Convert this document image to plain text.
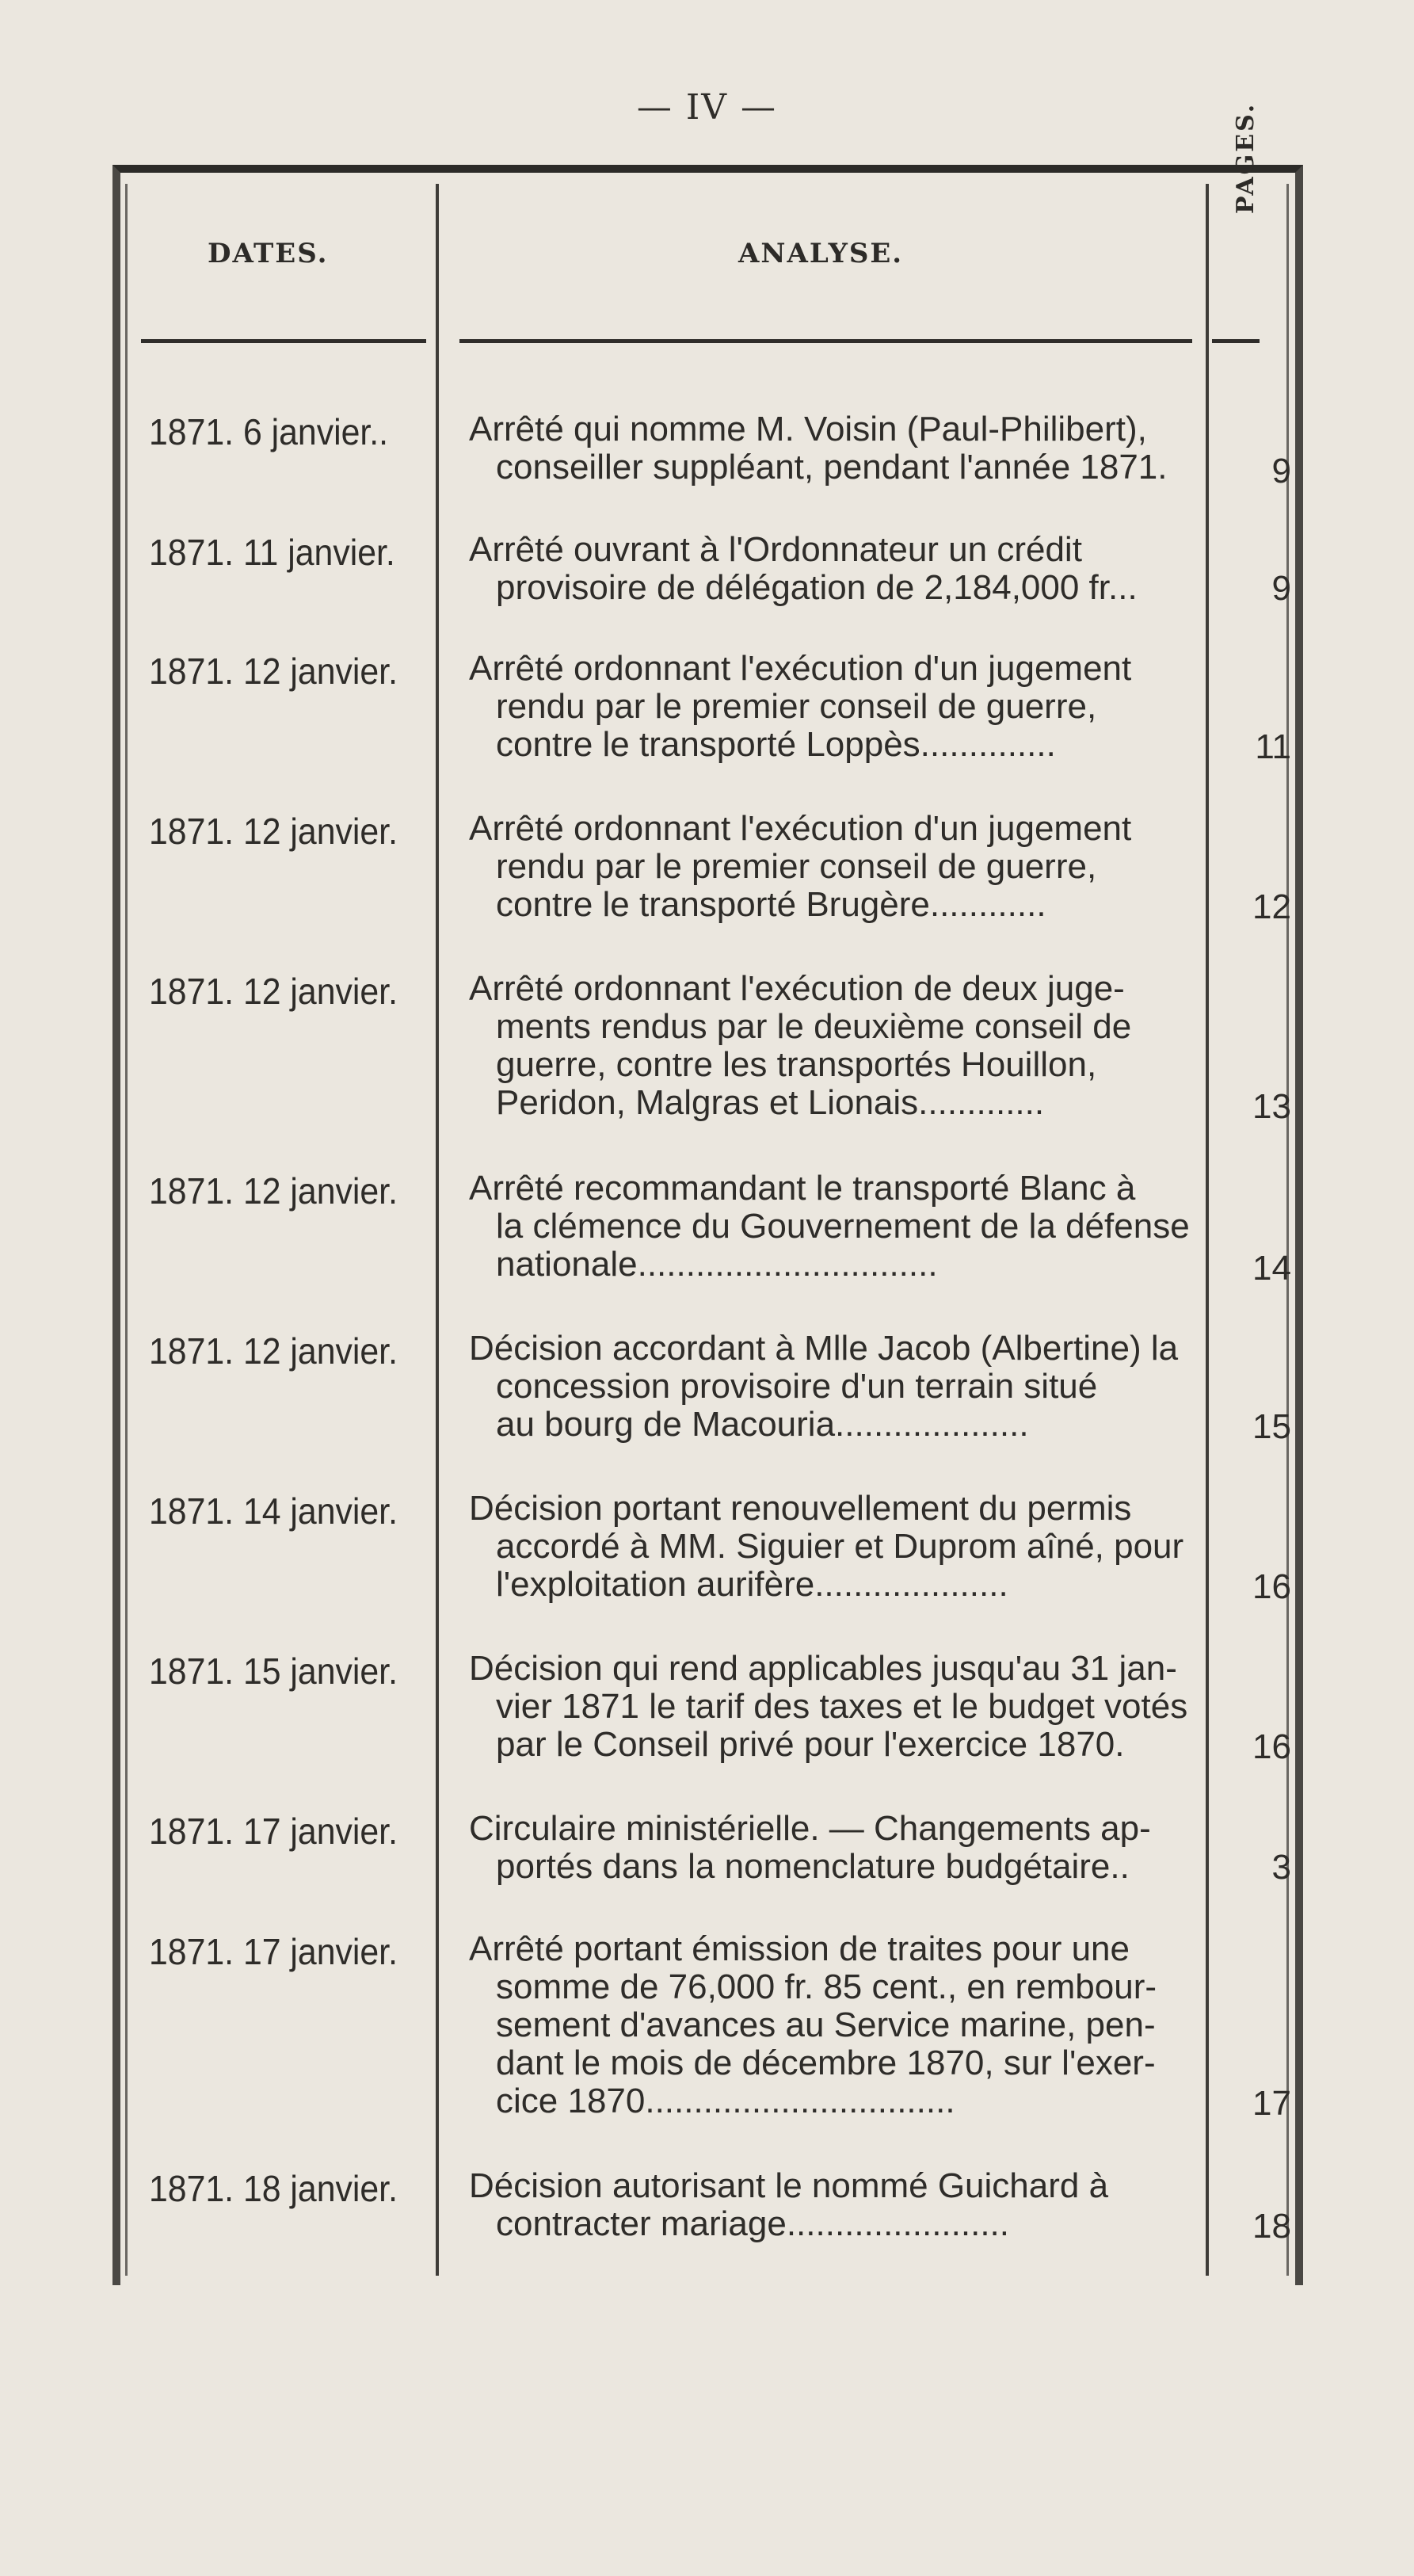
— IV —
DATES.	ANALYSE.
PAGES.
1871. 6 janvier..	Arrêté qui nomme M. Voisin (Paul-Philibert),
conseiller suppléant, pendant l'année 1871.	9
1871. 11 janvier.	Arrêté ouvrant à l'Ordonnateur un crédit
provisoire de délégation de 2,184,000 fr...	9
1871. 12 janvier.	Arrêté ordonnant l'exécution d'un jugement
rendu par le premier conseil de guerre,
contre le transporté Loppès..............	11
1871. 12 janvier.	Arrêté ordonnant l'exécution d'un jugement
rendu par le premier conseil de guerre,
contre le transporté Brugère............	12
1871. 12 janvier.	Arrêté ordonnant l'exécution de deux juge-
ments rendus par le deuxième conseil de
guerre, contre les transportés Houillon,
Peridon, Malgras et Lionais.............	13
1871. 12 janvier.	Arrêté recommandant le transporté Blanc à
la clémence du Gouvernement de la défense
nationale...............................	14
1871. 12 janvier.	Décision accordant à Mlle Jacob (Albertine) la
concession provisoire d'un terrain situé
au bourg de Macouria....................	15
1871. 14 janvier.	Décision portant renouvellement du permis
accordé à MM. Siguier et Duprom aîné, pour
l'exploitation aurifère....................	16
1871. 15 janvier.	Décision qui rend applicables jusqu'au 31 jan-
vier 1871 le tarif des taxes et le budget votés
par le Conseil privé pour l'exercice 1870.	16
1871. 17 janvier.	Circulaire ministérielle. — Changements ap-
portés dans la nomenclature budgétaire..	3
1871. 17 janvier.	Arrêté portant émission de traites pour une
somme de 76,000 fr. 85 cent., en rembour-
sement d'avances au Service marine, pen-
dant le mois de décembre 1870, sur l'exer-
cice 1870................................	17
1871. 18 janvier.	Décision autorisant le nommé Guichard à
contracter mariage.......................	18
